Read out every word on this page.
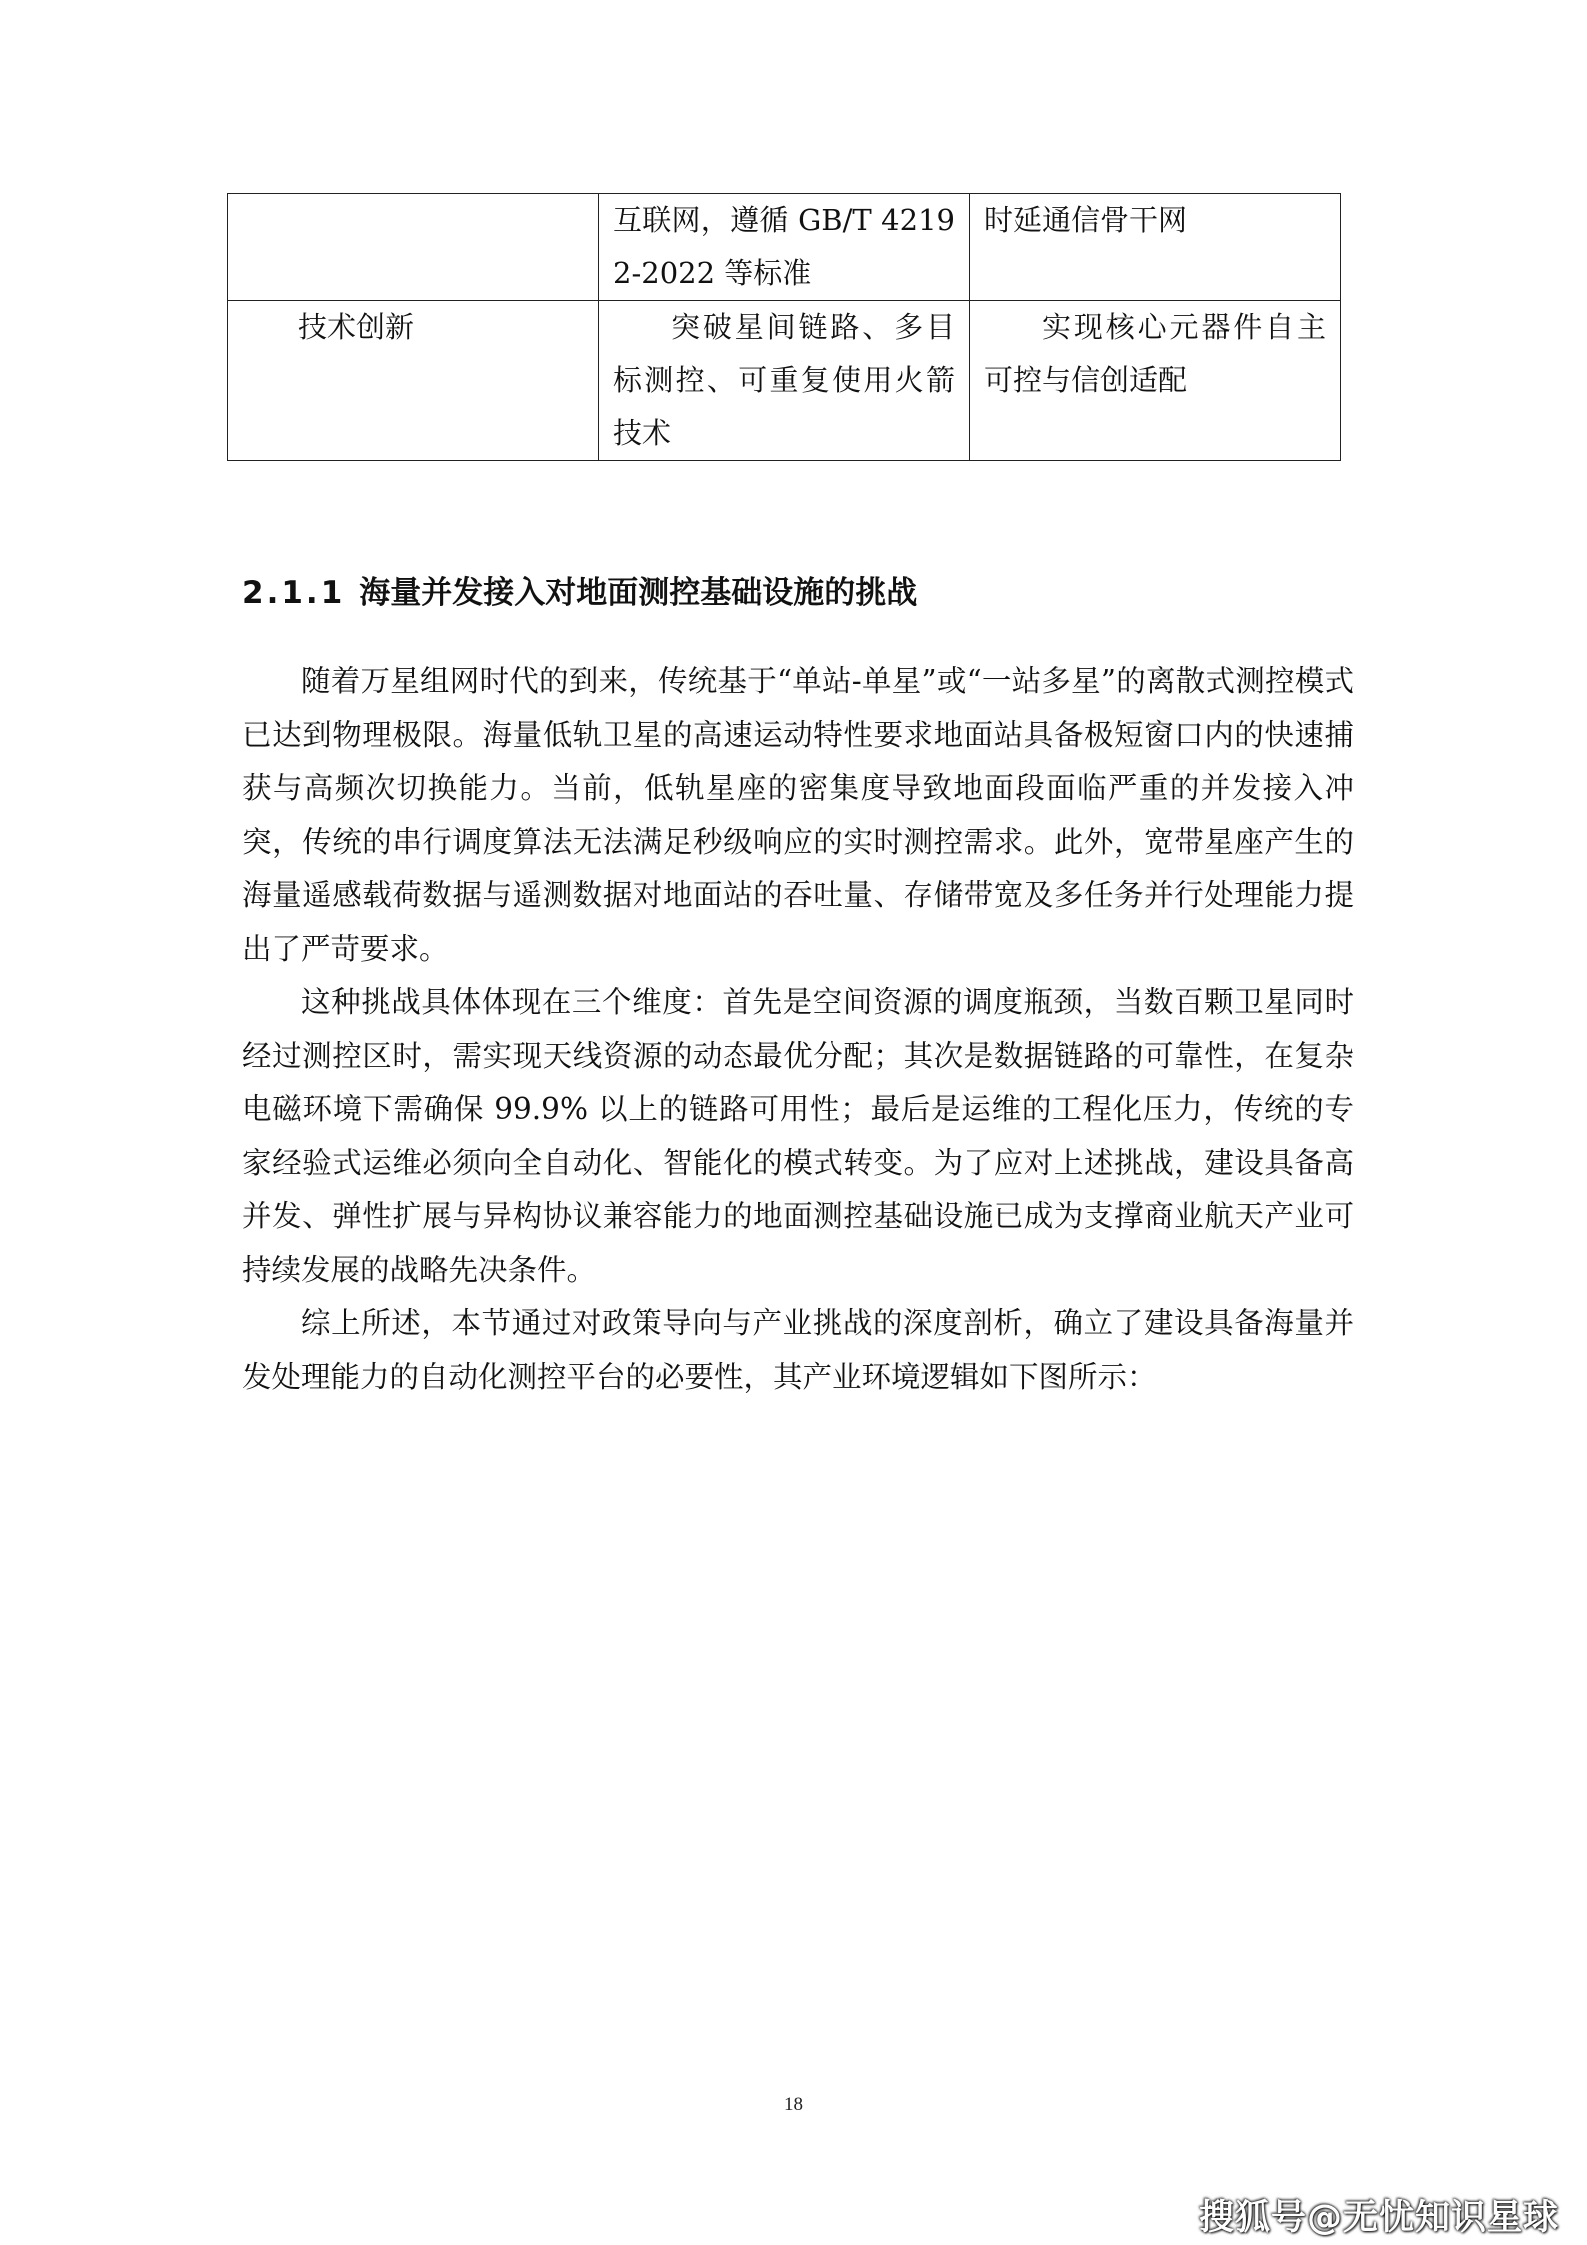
	互联网，遵循 GB/T 42192-2022 等标准	时延通信骨干网

技术创新	突破星间链路、多目标测控、可重复使用火箭技术	实现核心元器件自主可控与信创适配
2.1.1 海量并发接入对地面测控基础设施的挑战

随着万星组网时代的到来，传统基于“单站-单星”或“一站多星”的离散式测控模式已达到物理极限。海量低轨卫星的高速运动特性要求地面站具备极短窗口内的快速捕获与高频次切换能力。当前，低轨星座的密集度导致地面段面临严重的并发接入冲突，传统的串行调度算法无法满足秒级响应的实时测控需求。此外，宽带星座产生的海量遥感载荷数据与遥测数据对地面站的吞吐量、存储带宽及多任务并行处理能力提出了严苛要求。

这种挑战具体体现在三个维度：首先是空间资源的调度瓶颈，当数百颗卫星同时经过测控区时，需实现天线资源的动态最优分配；其次是数据链路的可靠性，在复杂电磁环境下需确保 99.9% 以上的链路可用性；最后是运维的工程化压力，传统的专家经验式运维必须向全自动化、智能化的模式转变。为了应对上述挑战，建设具备高并发、弹性扩展与异构协议兼容能力的地面测控基础设施已成为支撑商业航天产业可持续发展的战略先决条件。

综上所述，本节通过对政策导向与产业挑战的深度剖析，确立了建设具备海量并发处理能力的自动化测控平台的必要性，其产业环境逻辑如下图所示：

18
搜狐号@无忧知识星球
